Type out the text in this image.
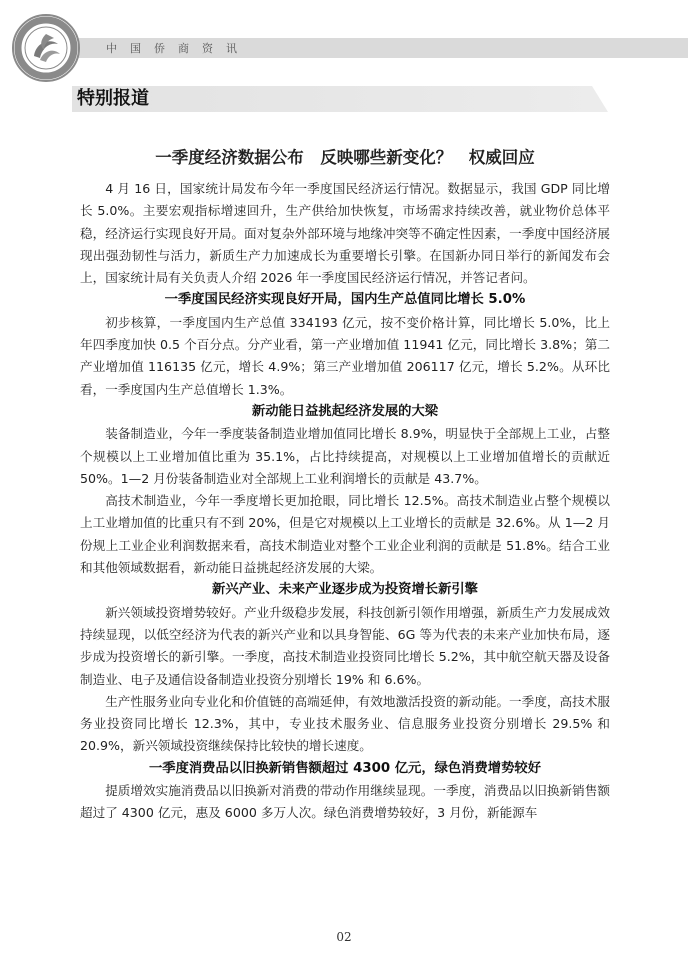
中国侨商资讯
特别报道
一季度经济数据公布　反映哪些新变化？　权威回应

4 月 16 日，国家统计局发布今年一季度国民经济运行情况。数据显示，我国 GDP 同比增长 5.0%。主要宏观指标增速回升，生产供给加快恢复，市场需求持续改善，就业物价总体平稳，经济运行实现良好开局。面对复杂外部环境与地缘冲突等不确定性因素，一季度中国经济展现出强劲韧性与活力，新质生产力加速成长为重要增长引擎。在国新办同日举行的新闻发布会上，国家统计局有关负责人介绍 2026 年一季度国民经济运行情况，并答记者问。

一季度国民经济实现良好开局，国内生产总值同比增长 5.0%

初步核算，一季度国内生产总值 334193 亿元，按不变价格计算，同比增长 5.0%，比上年四季度加快 0.5 个百分点。分产业看，第一产业增加值 11941 亿元，同比增长 3.8%；第二产业增加值 116135 亿元，增长 4.9%；第三产业增加值 206117 亿元，增长 5.2%。从环比看，一季度国内生产总值增长 1.3%。

新动能日益挑起经济发展的大梁

装备制造业，今年一季度装备制造业增加值同比增长 8.9%，明显快于全部规上工业，占整个规模以上工业增加值比重为 35.1%，占比持续提高，对规模以上工业增加值增长的贡献近 50%。1—2 月份装备制造业对全部规上工业利润增长的贡献是 43.7%。

高技术制造业，今年一季度增长更加抢眼，同比增长 12.5%。高技术制造业占整个规模以上工业增加值的比重只有不到 20%，但是它对规模以上工业增长的贡献是 32.6%。从 1—2 月份规上工业企业利润数据来看，高技术制造业对整个工业企业利润的贡献是 51.8%。结合工业和其他领域数据看，新动能日益挑起经济发展的大梁。

新兴产业、未来产业逐步成为投资增长新引擎

新兴领域投资增势较好。产业升级稳步发展，科技创新引领作用增强，新质生产力发展成效持续显现，以低空经济为代表的新兴产业和以具身智能、6G 等为代表的未来产业加快布局，逐步成为投资增长的新引擎。一季度，高技术制造业投资同比增长 5.2%，其中航空航天器及设备制造业、电子及通信设备制造业投资分别增长 19% 和 6.6%。

生产性服务业向专业化和价值链的高端延伸，有效地激活投资的新动能。一季度，高技术服务业投资同比增长 12.3%，其中，专业技术服务业、信息服务业投资分别增长 29.5% 和 20.9%，新兴领域投资继续保持比较快的增长速度。

一季度消费品以旧换新销售额超过 4300 亿元，绿色消费增势较好

提质增效实施消费品以旧换新对消费的带动作用继续显现。一季度，消费品以旧换新销售额超过了 4300 亿元，惠及 6000 多万人次。绿色消费增势较好，3 月份，新能源车

02
